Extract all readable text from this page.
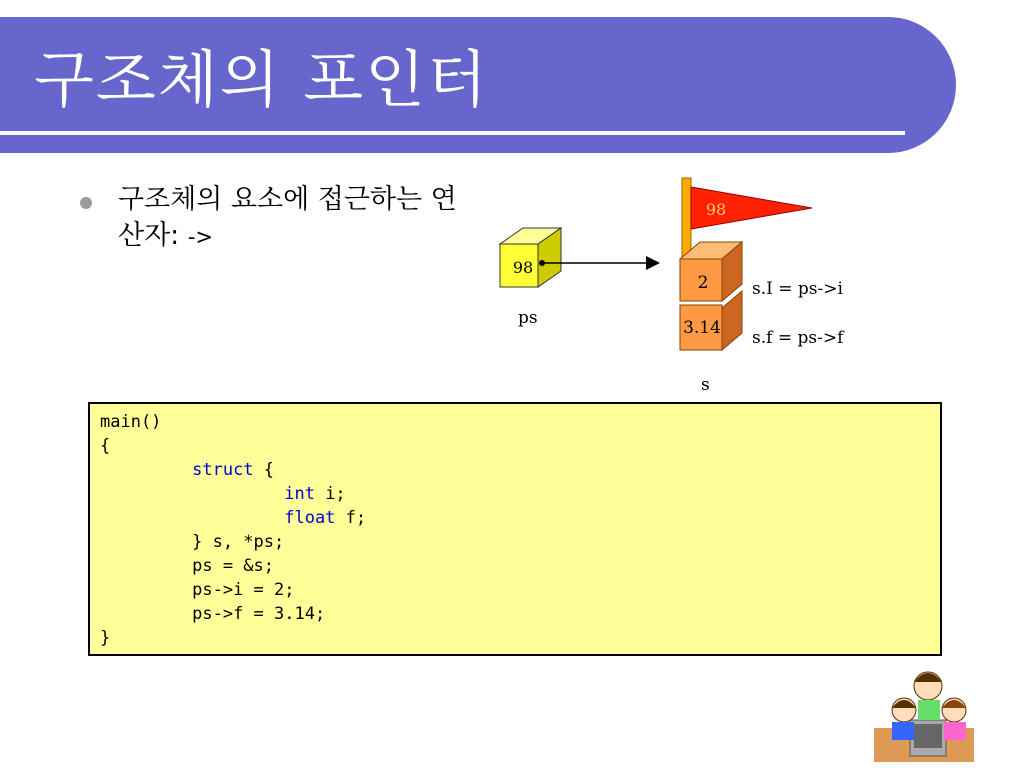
구조체의 포인터
구조체의 요소에 접근하는 연산자: ->
98
98
2
3.14
ps
s
s.I = ps->i
s.f = ps->f
main()
{
struct {
int i;
float f;
} s, *ps;
ps = &s;
ps->i = 2;
ps->f = 3.14;
}
